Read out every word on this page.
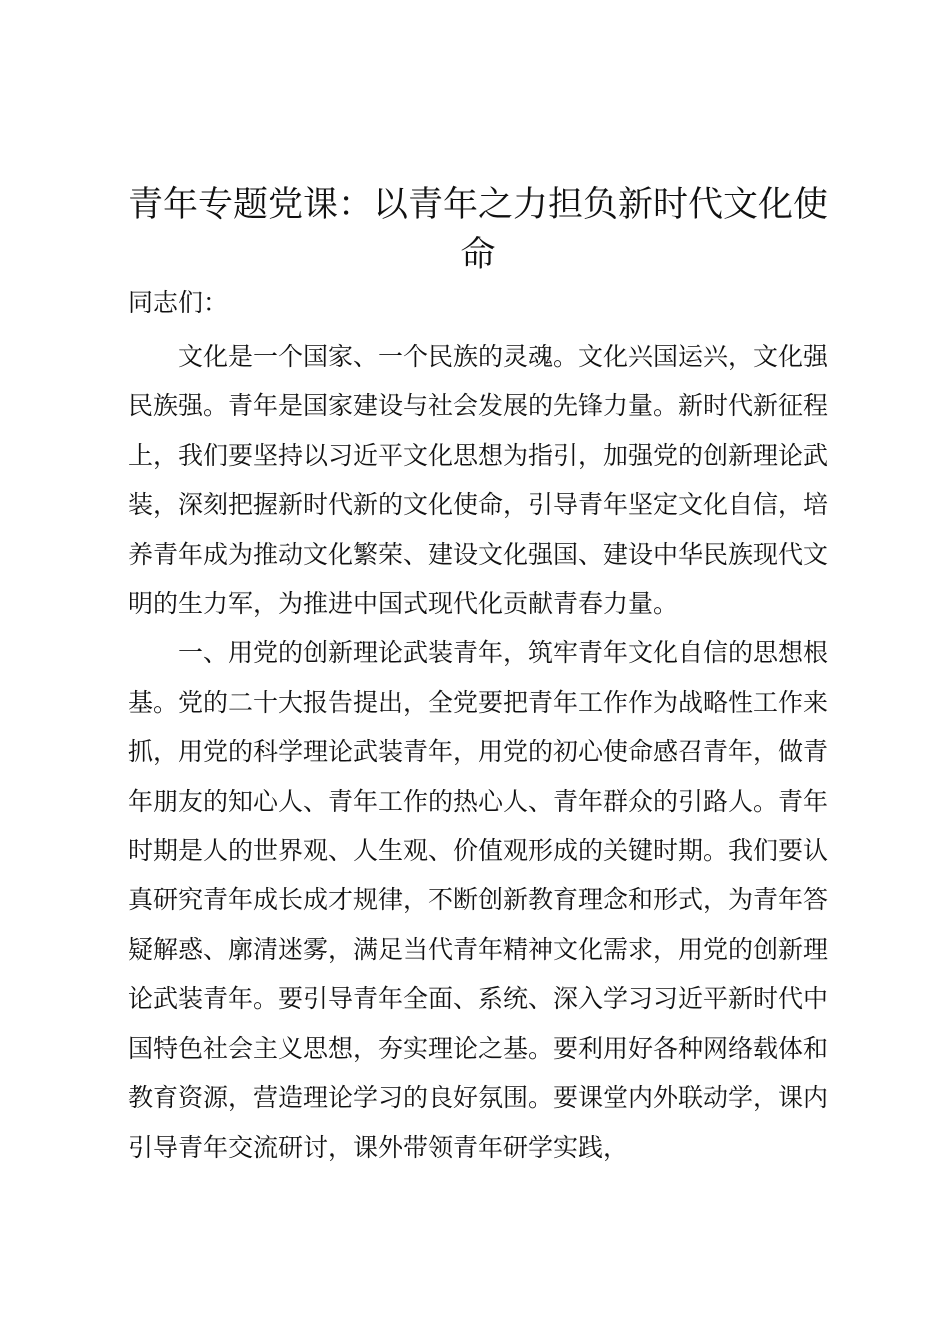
青年专题党课：以青年之力担负新时代文化使命

同志们：

文化是一个国家、一个民族的灵魂。文化兴国运兴，文化强民族强。青年是国家建设与社会发展的先锋力量。新时代新征程上，我们要坚持以习近平文化思想为指引，加强党的创新理论武装，深刻把握新时代新的文化使命，引导青年坚定文化自信，培养青年成为推动文化繁荣、建设文化强国、建设中华民族现代文明的生力军，为推进中国式现代化贡献青春力量。

一、用党的创新理论武装青年，筑牢青年文化自信的思想根基。党的二十大报告提出，全党要把青年工作作为战略性工作来抓，用党的科学理论武装青年，用党的初心使命感召青年，做青年朋友的知心人、青年工作的热心人、青年群众的引路人。青年时期是人的世界观、人生观、价值观形成的关键时期。我们要认真研究青年成长成才规律，不断创新教育理念和形式，为青年答疑解惑、廓清迷雾，满足当代青年精神文化需求，用党的创新理论武装青年。要引导青年全面、系统、深入学习习近平新时代中国特色社会主义思想，夯实理论之基。要利用好各种网络载体和教育资源，营造理论学习的良好氛围。要课堂内外联动学，课内引导青年交流研讨，课外带领青年研学实践，
